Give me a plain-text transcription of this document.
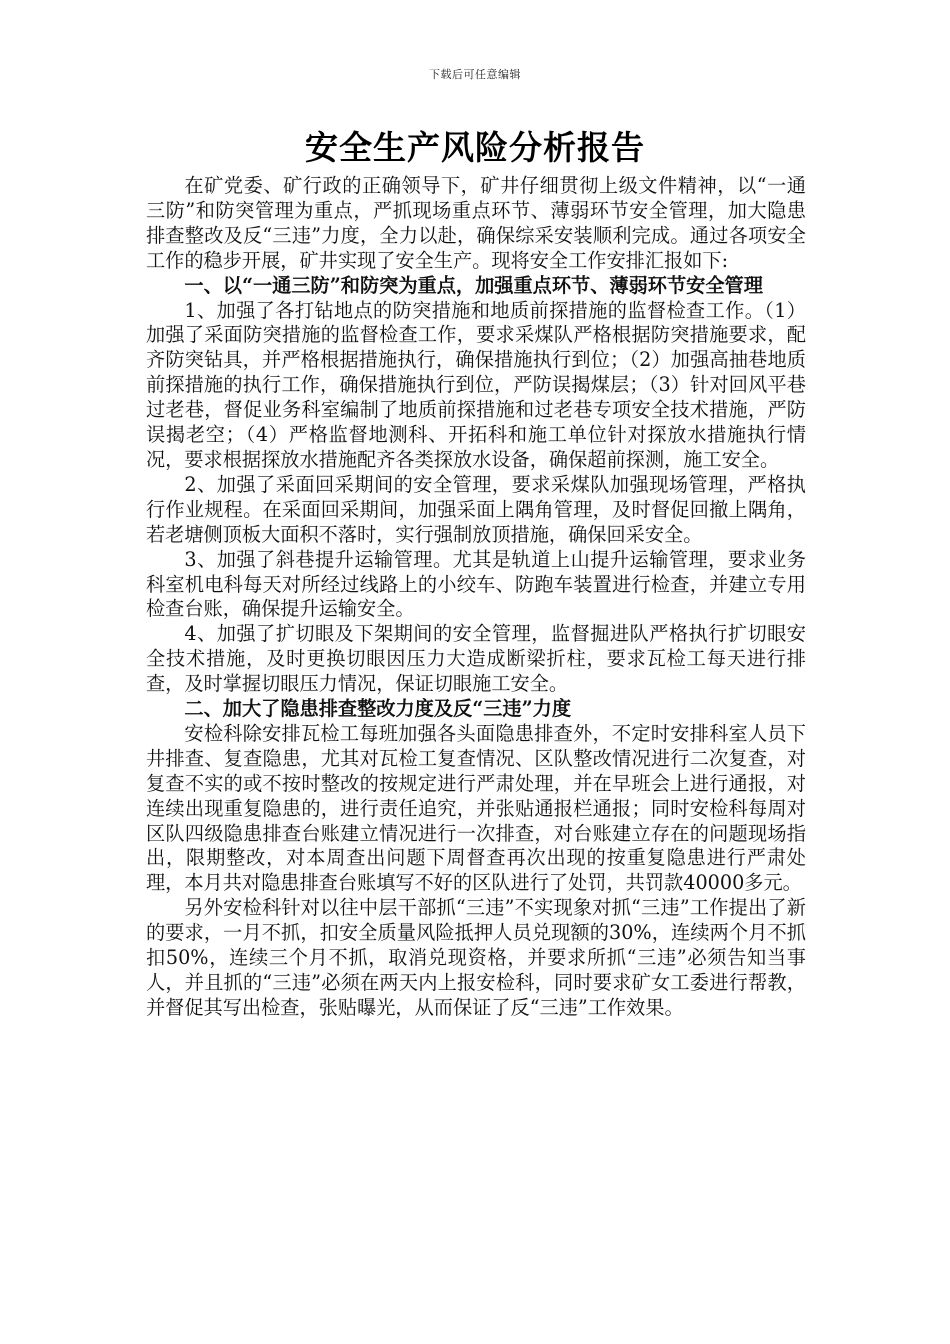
下载后可任意编辑
安全生产风险分析报告

在矿党委、矿行政的正确领导下，矿井仔细贯彻上级文件精神，以“一通三防”和防突管理为重点，严抓现场重点环节、薄弱环节安全管理，加大隐患排查整改及反“三违”力度，全力以赴，确保综采安装顺利完成。通过各项安全工作的稳步开展，矿井实现了安全生产。现将安全工作安排汇报如下:

一、以“一通三防”和防突为重点，加强重点环节、薄弱环节安全管理

1、加强了各打钻地点的防突措施和地质前探措施的监督检查工作。（1）加强了采面防突措施的监督检查工作，要求采煤队严格根据防突措施要求，配齐防突钻具，并严格根据措施执行，确保措施执行到位；（2）加强高抽巷地质前探措施的执行工作，确保措施执行到位，严防误揭煤层；（3）针对回风平巷过老巷，督促业务科室编制了地质前探措施和过老巷专项安全技术措施，严防误揭老空；（4）严格监督地测科、开拓科和施工单位针对探放水措施执行情况，要求根据探放水措施配齐各类探放水设备，确保超前探测，施工安全。

2、加强了采面回采期间的安全管理，要求采煤队加强现场管理，严格执行作业规程。在采面回采期间，加强采面上隅角管理，及时督促回撤上隅角，若老塘侧顶板大面积不落时，实行强制放顶措施，确保回采安全。

3、加强了斜巷提升运输管理。尤其是轨道上山提升运输管理，要求业务科室机电科每天对所经过线路上的小绞车、防跑车装置进行检查，并建立专用检查台账，确保提升运输安全。

4、加强了扩切眼及下架期间的安全管理，监督掘进队严格执行扩切眼安全技术措施，及时更换切眼因压力大造成断梁折柱，要求瓦检工每天进行排查，及时掌握切眼压力情况，保证切眼施工安全。

二、加大了隐患排查整改力度及反“三违”力度

安检科除安排瓦检工每班加强各头面隐患排查外，不定时安排科室人员下井排查、复查隐患，尤其对瓦检工复查情况、区队整改情况进行二次复查，对复查不实的或不按时整改的按规定进行严肃处理，并在早班会上进行通报，对连续出现重复隐患的，进行责任追究，并张贴通报栏通报；同时安检科每周对区队四级隐患排查台账建立情况进行一次排查，对台账建立存在的问题现场指出，限期整改，对本周查出问题下周督查再次出现的按重复隐患进行严肃处理，本月共对隐患排查台账填写不好的区队进行了处罚，共罚款40000多元。

另外安检科针对以往中层干部抓“三违”不实现象对抓“三违”工作提出了新的要求，一月不抓，扣安全质量风险抵押人员兑现额的30%，连续两个月不抓扣50%，连续三个月不抓，取消兑现资格，并要求所抓“三违”必须告知当事人，并且抓的“三违”必须在两天内上报安检科，同时要求矿女工委进行帮教，并督促其写出检查，张贴曝光，从而保证了反“三违”工作效果。
